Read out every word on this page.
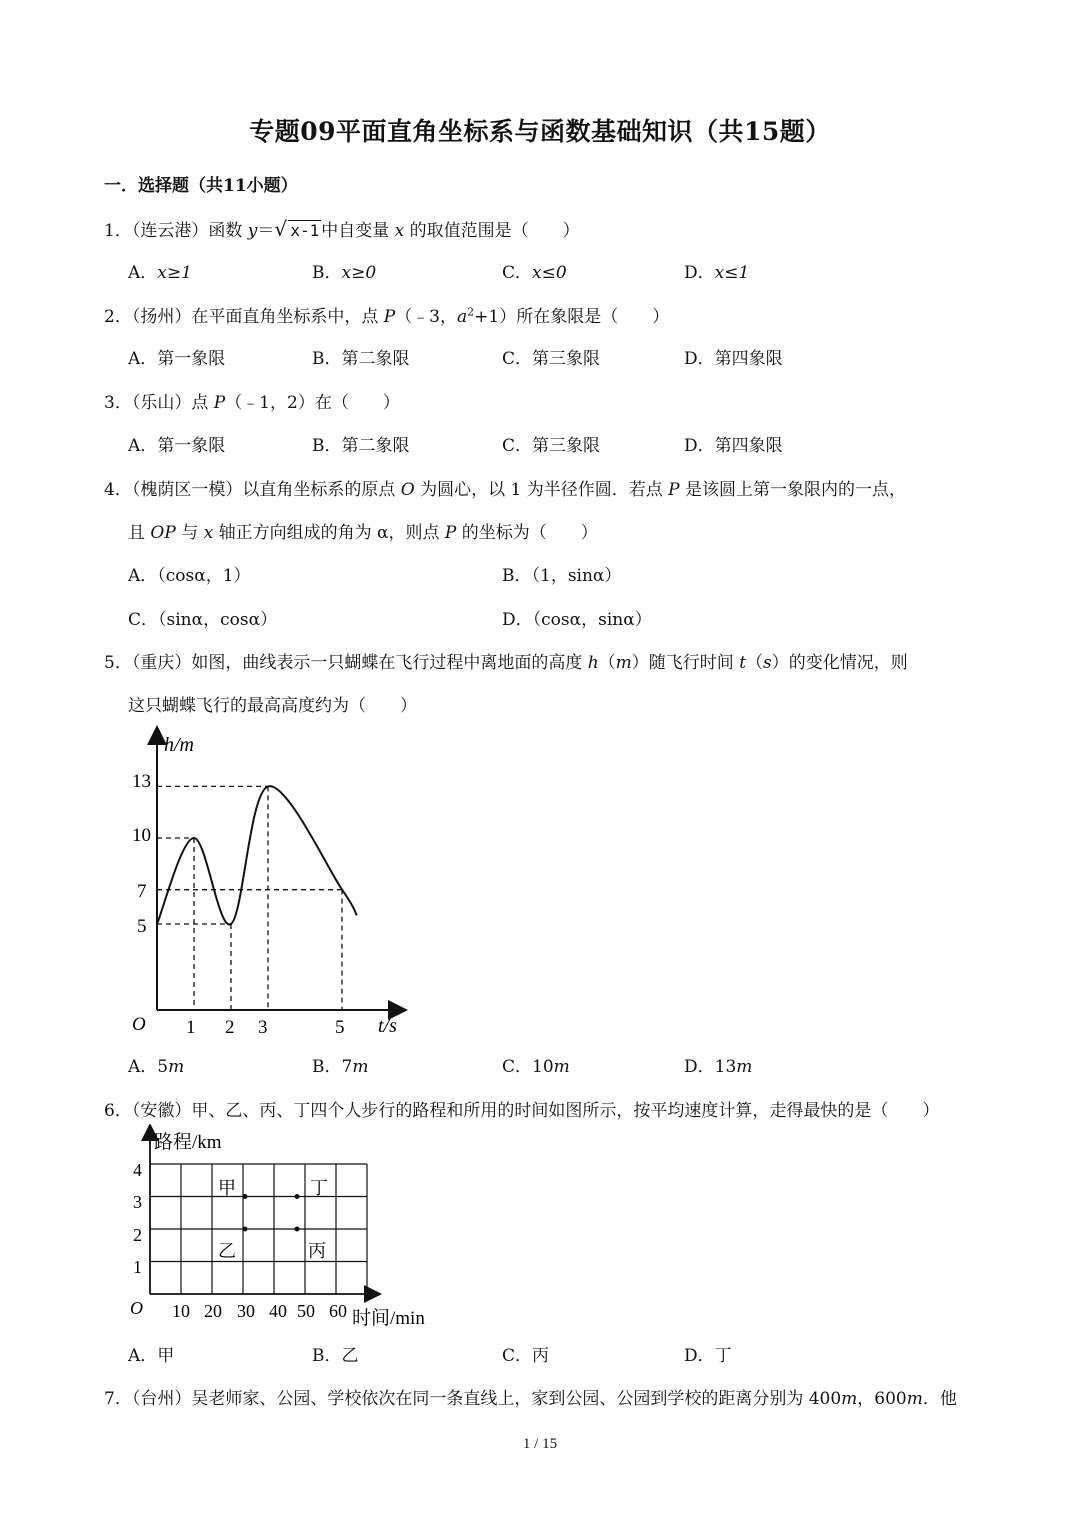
专题09平面直角坐标系与函数基础知识（共15题）
一．选择题（共11小题）
1．（连云港）函数 y＝ √ x-1 中自变量 x 的取值范围是（　　）
A．x≥1	B．x≥0	C．x≤0	D．x≤1
2．（扬州）在平面直角坐标系中，点 P（﹣3，$a^2+1$）所在象限是（　　）
A．第一象限	B．第二象限	C．第三象限	D．第四象限
3．（乐山）点 P（﹣1，2）在（　　）
A．第一象限	B．第二象限	C．第三象限	D．第四象限
4．（槐荫区一模）以直角坐标系的原点 O 为圆心，以 1 为半径作圆．若点 P 是该圆上第一象限内的一点，
且 OP 与 x 轴正方向组成的角为 α，则点 P 的坐标为（　　）
A．（cosα，1）	B．（1，sinα）
C．（sinα，cosα）	D．（cosα，sinα）
5．（重庆）如图，曲线表示一只蝴蝶在飞行过程中离地面的高度 h（m）随飞行时间 t（s）的变化情况，则
这只蝴蝶飞行的最高高度约为（　　）
h/m
t/s
O
13
10
7
5
1 2 3	5
A．5m	B．7m	C．10m	D．13m
6．（安徽）甲、乙、丙、丁四个人步行的路程和所用的时间如图所示，按平均速度计算，走得最快的是（　　）
路程/km
时间/min
O
4
3
2
1
10 20 30 40 50 60
甲	丁
乙	丙
A．甲	B．乙	C．丙	D．丁
7．（台州）吴老师家、公园、学校依次在同一条直线上，家到公园、公园到学校的距离分别为 400m，600m．他
1 / 15
